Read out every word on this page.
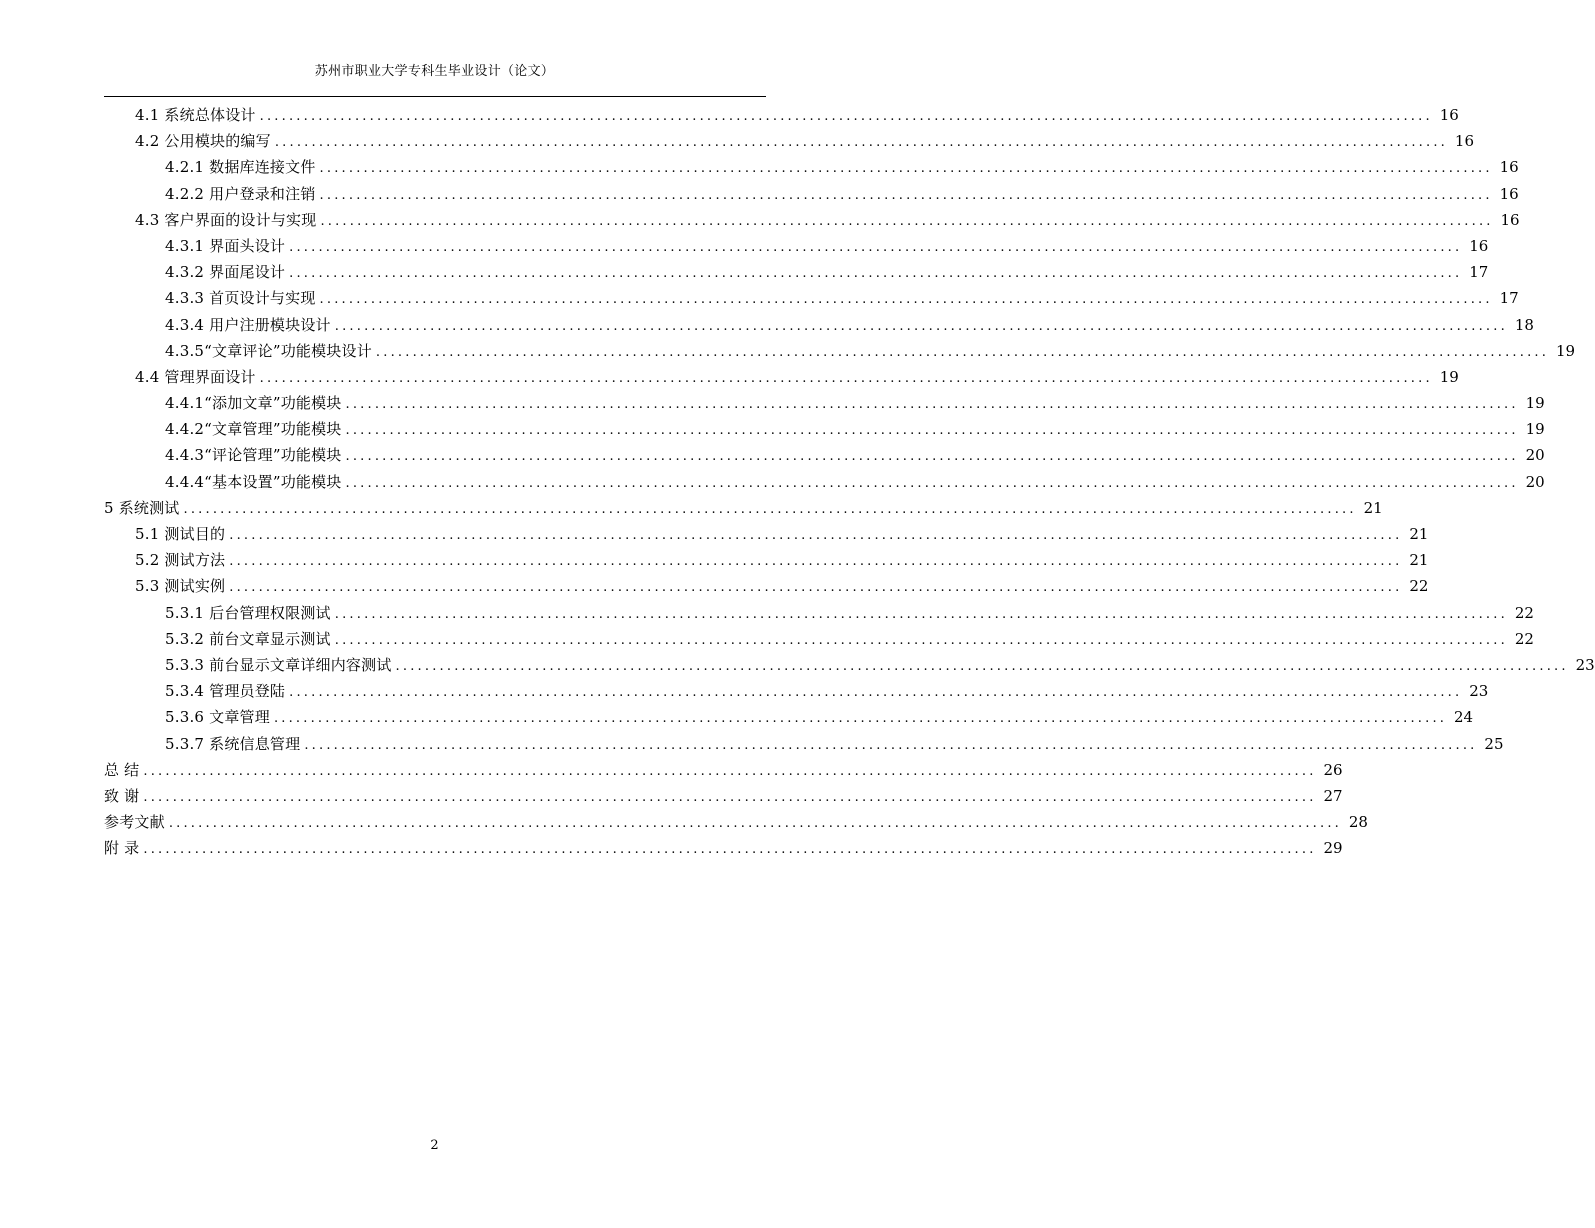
苏州市职业大学专科生毕业设计（论文）
4.1 系统总体设计 ................................................................................................................................................................ 16
4.2 公用模块的编写 ................................................................................................................................................................ 16
4.2.1 数据库连接文件 ................................................................................................................................................................ 16
4.2.2 用户登录和注销 ................................................................................................................................................................ 16
4.3 客户界面的设计与实现 ................................................................................................................................................................ 16
4.3.1 界面头设计 ................................................................................................................................................................ 16
4.3.2 界面尾设计 ................................................................................................................................................................ 17
4.3.3 首页设计与实现 ................................................................................................................................................................ 17
4.3.4 用户注册模块设计 ................................................................................................................................................................ 18
4.3.5“文章评论”功能模块设计 ................................................................................................................................................................ 19
4.4 管理界面设计 ................................................................................................................................................................ 19
4.4.1“添加文章”功能模块 ................................................................................................................................................................ 19
4.4.2“文章管理”功能模块 ................................................................................................................................................................ 19
4.4.3“评论管理”功能模块 ................................................................................................................................................................ 20
4.4.4“基本设置”功能模块 ................................................................................................................................................................ 20
5 系统测试 ................................................................................................................................................................ 21
5.1 测试目的 ................................................................................................................................................................ 21
5.2 测试方法 ................................................................................................................................................................ 21
5.3 测试实例 ................................................................................................................................................................ 22
5.3.1 后台管理权限测试 ................................................................................................................................................................ 22
5.3.2 前台文章显示测试 ................................................................................................................................................................ 22
5.3.3 前台显示文章详细内容测试 ................................................................................................................................................................ 23
5.3.4 管理员登陆 ................................................................................................................................................................ 23
5.3.6 文章管理 ................................................................................................................................................................ 24
5.3.7 系统信息管理 ................................................................................................................................................................ 25
总 结 ................................................................................................................................................................ 26
致 谢 ................................................................................................................................................................ 27
参考文献 ................................................................................................................................................................ 28
附 录 ................................................................................................................................................................ 29
2
